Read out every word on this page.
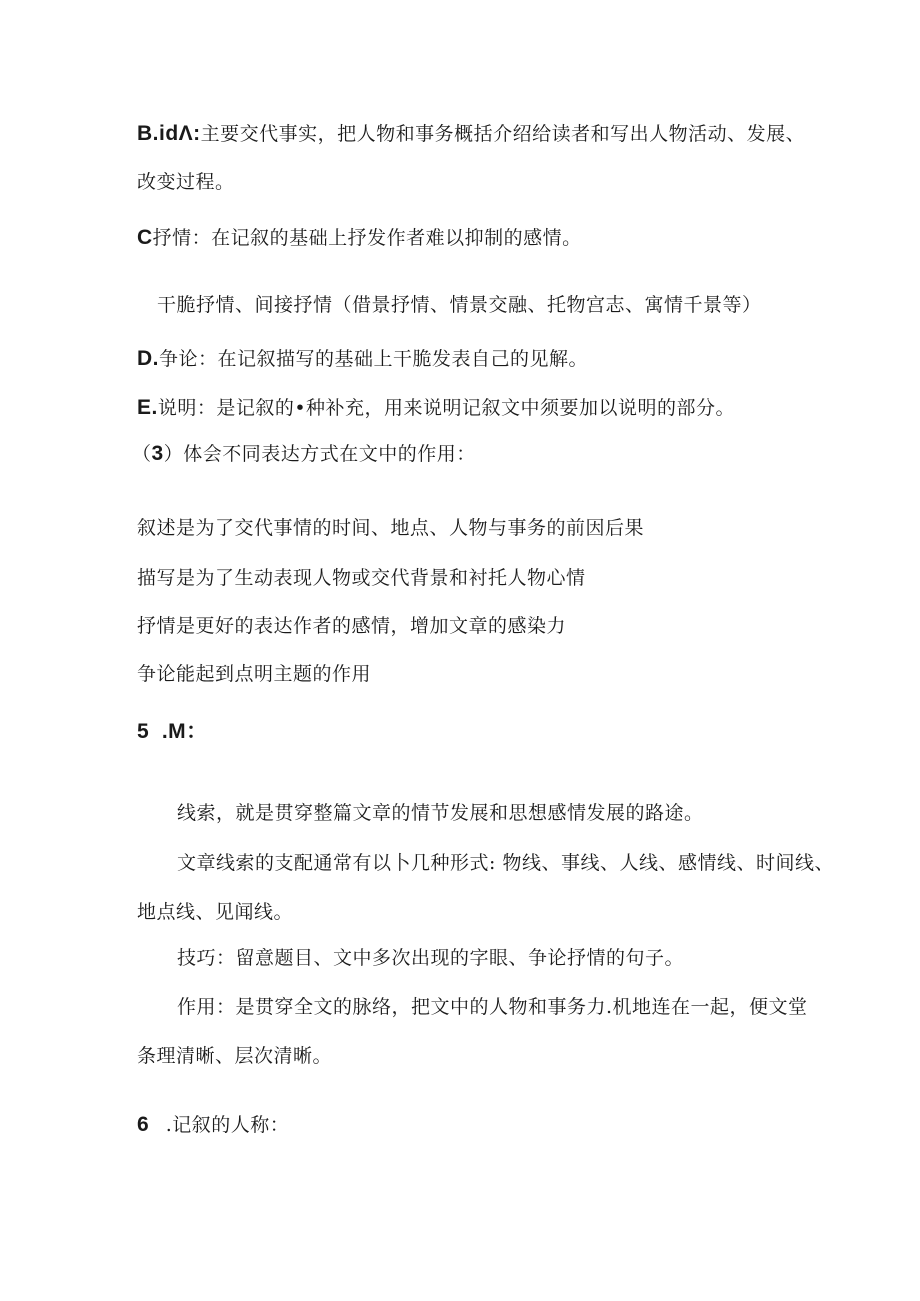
B.idΛ:主要交代事实，把人物和事务概括介绍给读者和写出人物活动、发展、
改变过程。
C抒情：在记叙的基础上抒发作者难以抑制的感情。
干脆抒情、间接抒情（借景抒情、情景交融、托物宫志、寓情千景等）
D.争论：在记叙描写的基础上干脆发表自己的见解。
E.说明：是记叙的•种补充，用来说明记叙文中须要加以说明的部分。
（3）体会不同表达方式在文中的作用：
叙述是为了交代事情的时间、地点、人物与事务的前因后果
描写是为了生动表现人物或交代背景和衬托人物心情
抒情是更好的表达作者的感情，增加文章的感染力
争论能起到点明主题的作用
5  .M：
线索，就是贯穿整篇文章的情节发展和思想感情发展的路途。
文章线索的支配通常有以卜几种形式: 物线、事线、人线、感情线、时间线、
地点线、见闻线。
技巧：留意题目、文中多次出现的字眼、争论抒情的句子。
作用：是贯穿全文的脉络，把文中的人物和事务力.机地连在一起，便文堂
条理清晰、层次清晰。
6 .记叙的人称：
